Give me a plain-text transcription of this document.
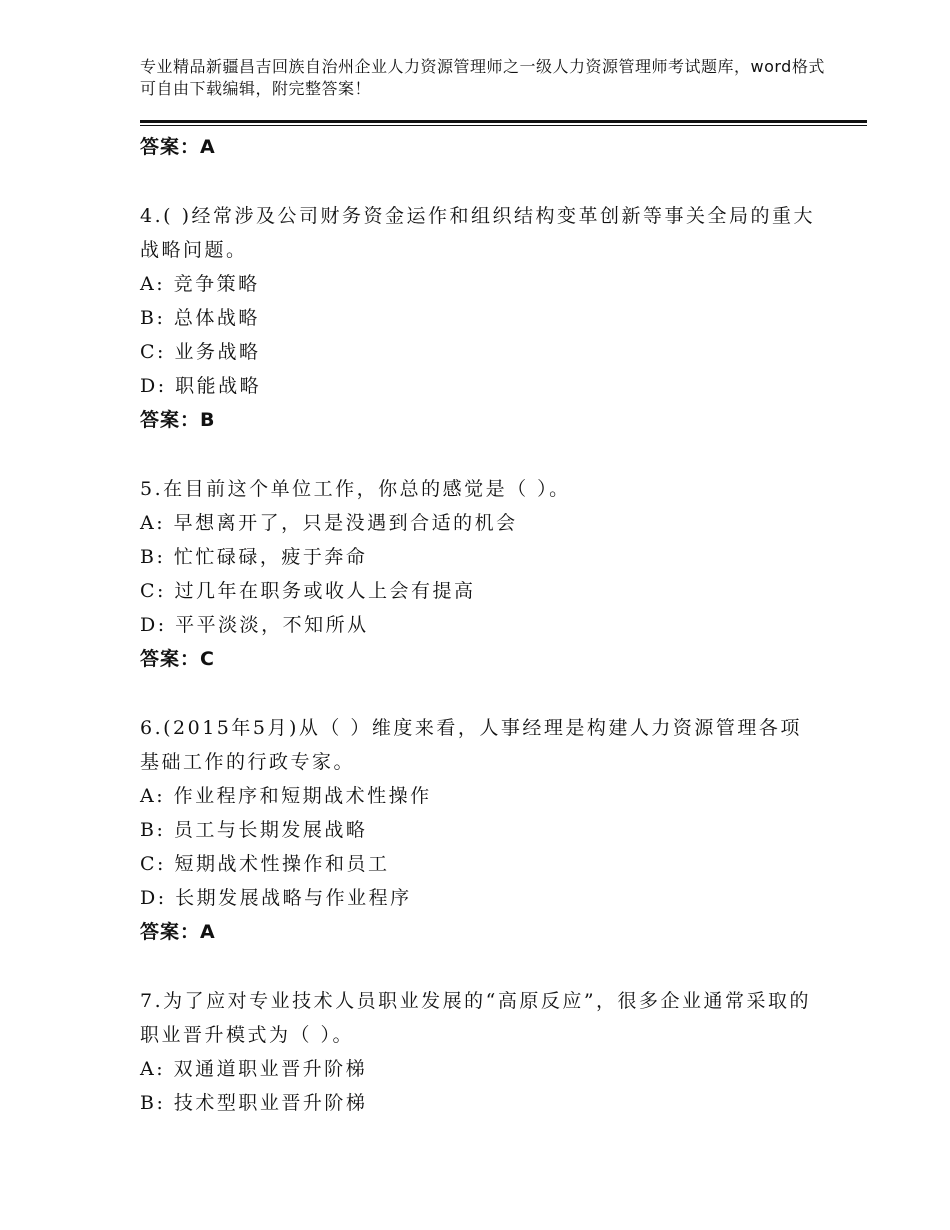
专业精品新疆昌吉回族自治州企业人力资源管理师之一级人力资源管理师考试题库，word格式可自由下载编辑，附完整答案！
答案：A
4.( )经常涉及公司财务资金运作和组织结构变革创新等事关全局的重大战略问题。
A: 竞争策略
B: 总体战略
C: 业务战略
D: 职能战略
答案：B
5.在目前这个单位工作，你总的感觉是（ ）。
A: 早想离开了，只是没遇到合适的机会
B: 忙忙碌碌，疲于奔命
C: 过几年在职务或收人上会有提高
D: 平平淡淡，不知所从
答案：C
6.(2015年5月)从（ ）维度来看，人事经理是构建人力资源管理各项基础工作的行政专家。
A: 作业程序和短期战术性操作
B: 员工与长期发展战略
C: 短期战术性操作和员工
D: 长期发展战略与作业程序
答案：A
7.为了应对专业技术人员职业发展的“高原反应”，很多企业通常采取的职业晋升模式为（ ）。
A: 双通道职业晋升阶梯
B: 技术型职业晋升阶梯
